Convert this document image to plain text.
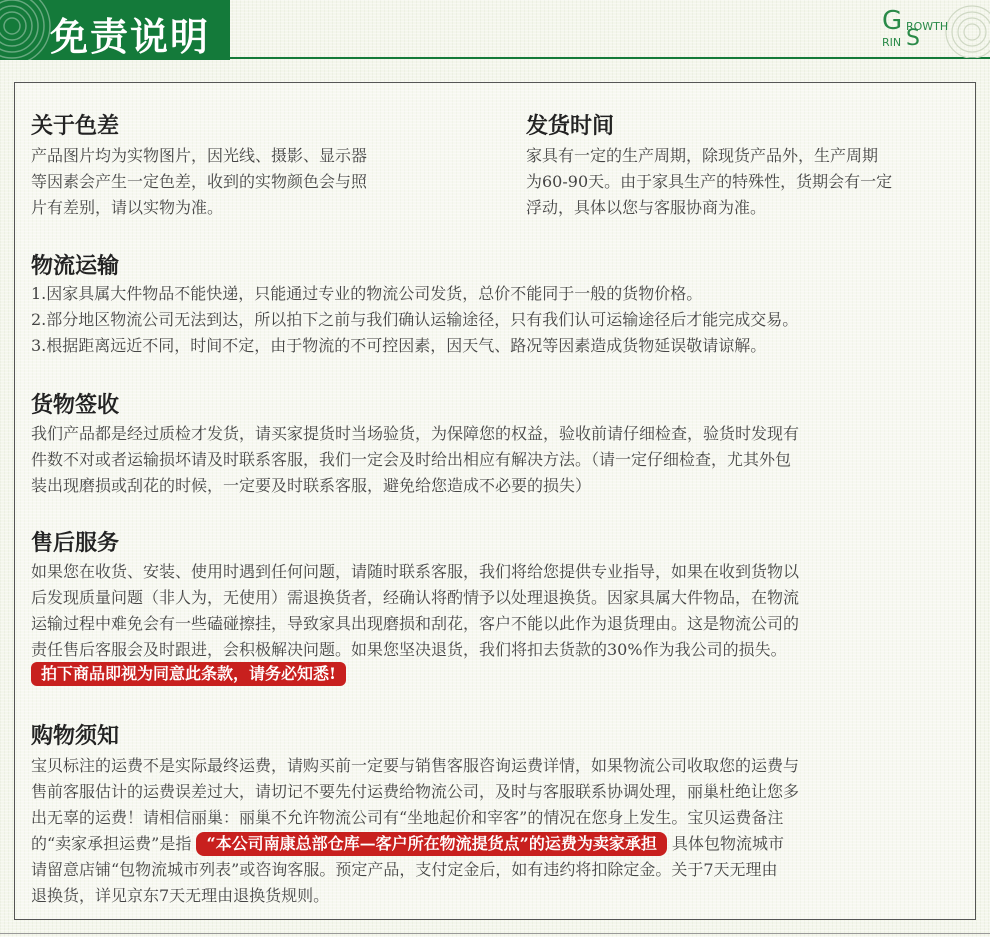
免责说明	G ROWTH
RIN S
关于色差
产品图片均为实物图片，因光线、摄影、显示器
等因素会产生一定色差，收到的实物颜色会与照
片有差别，请以实物为准。
发货时间
家具有一定的生产周期，除现货产品外，生产周期
为60-90天。由于家具生产的特殊性，货期会有一定
浮动，具体以您与客服协商为准。
物流运输
1.因家具属大件物品不能快递，只能通过专业的物流公司发货，总价不能同于一般的货物价格。
2.部分地区物流公司无法到达，所以拍下之前与我们确认运输途径，只有我们认可运输途径后才能完成交易。
3.根据距离远近不同，时间不定，由于物流的不可控因素，因天气、路况等因素造成货物延误敬请谅解。
货物签收
我们产品都是经过质检才发货，请买家提货时当场验货，为保障您的权益，验收前请仔细检查，验货时发现有
件数不对或者运输损坏请及时联系客服，我们一定会及时给出相应有解决方法。（请一定仔细检查，尤其外包
装出现磨损或刮花的时候，一定要及时联系客服，避免给您造成不必要的损失）
售后服务
如果您在收货、安装、使用时遇到任何问题，请随时联系客服，我们将给您提供专业指导，如果在收到货物以
后发现质量问题（非人为，无使用）需退换货者，经确认将酌情予以处理退换货。因家具属大件物品，在物流
运输过程中难免会有一些磕碰擦挂，导致家具出现磨损和刮花，客户不能以此作为退货理由。这是物流公司的
责任售后客服会及时跟进，会积极解决问题。如果您坚决退货，我们将扣去货款的30%作为我公司的损失。
拍下商品即视为同意此条款，请务必知悉!
购物须知
宝贝标注的运费不是实际最终运费，请购买前一定要与销售客服咨询运费详情，如果物流公司收取您的运费与
售前客服估计的运费误差过大，请切记不要先付运费给物流公司，及时与客服联系协调处理，丽巢杜绝让您多
出无辜的运费！请相信丽巢：丽巢不允许物流公司有“坐地起价和宰客”的情况在您身上发生。宝贝运费备注
的“卖家承担运费”是指 “本公司南康总部仓库—客户所在物流提货点”的运费为卖家承担 具体包物流城市
请留意店铺“包物流城市列表”或咨询客服。预定产品，支付定金后，如有违约将扣除定金。关于7天无理由
退换货，详见京东7天无理由退换货规则。
